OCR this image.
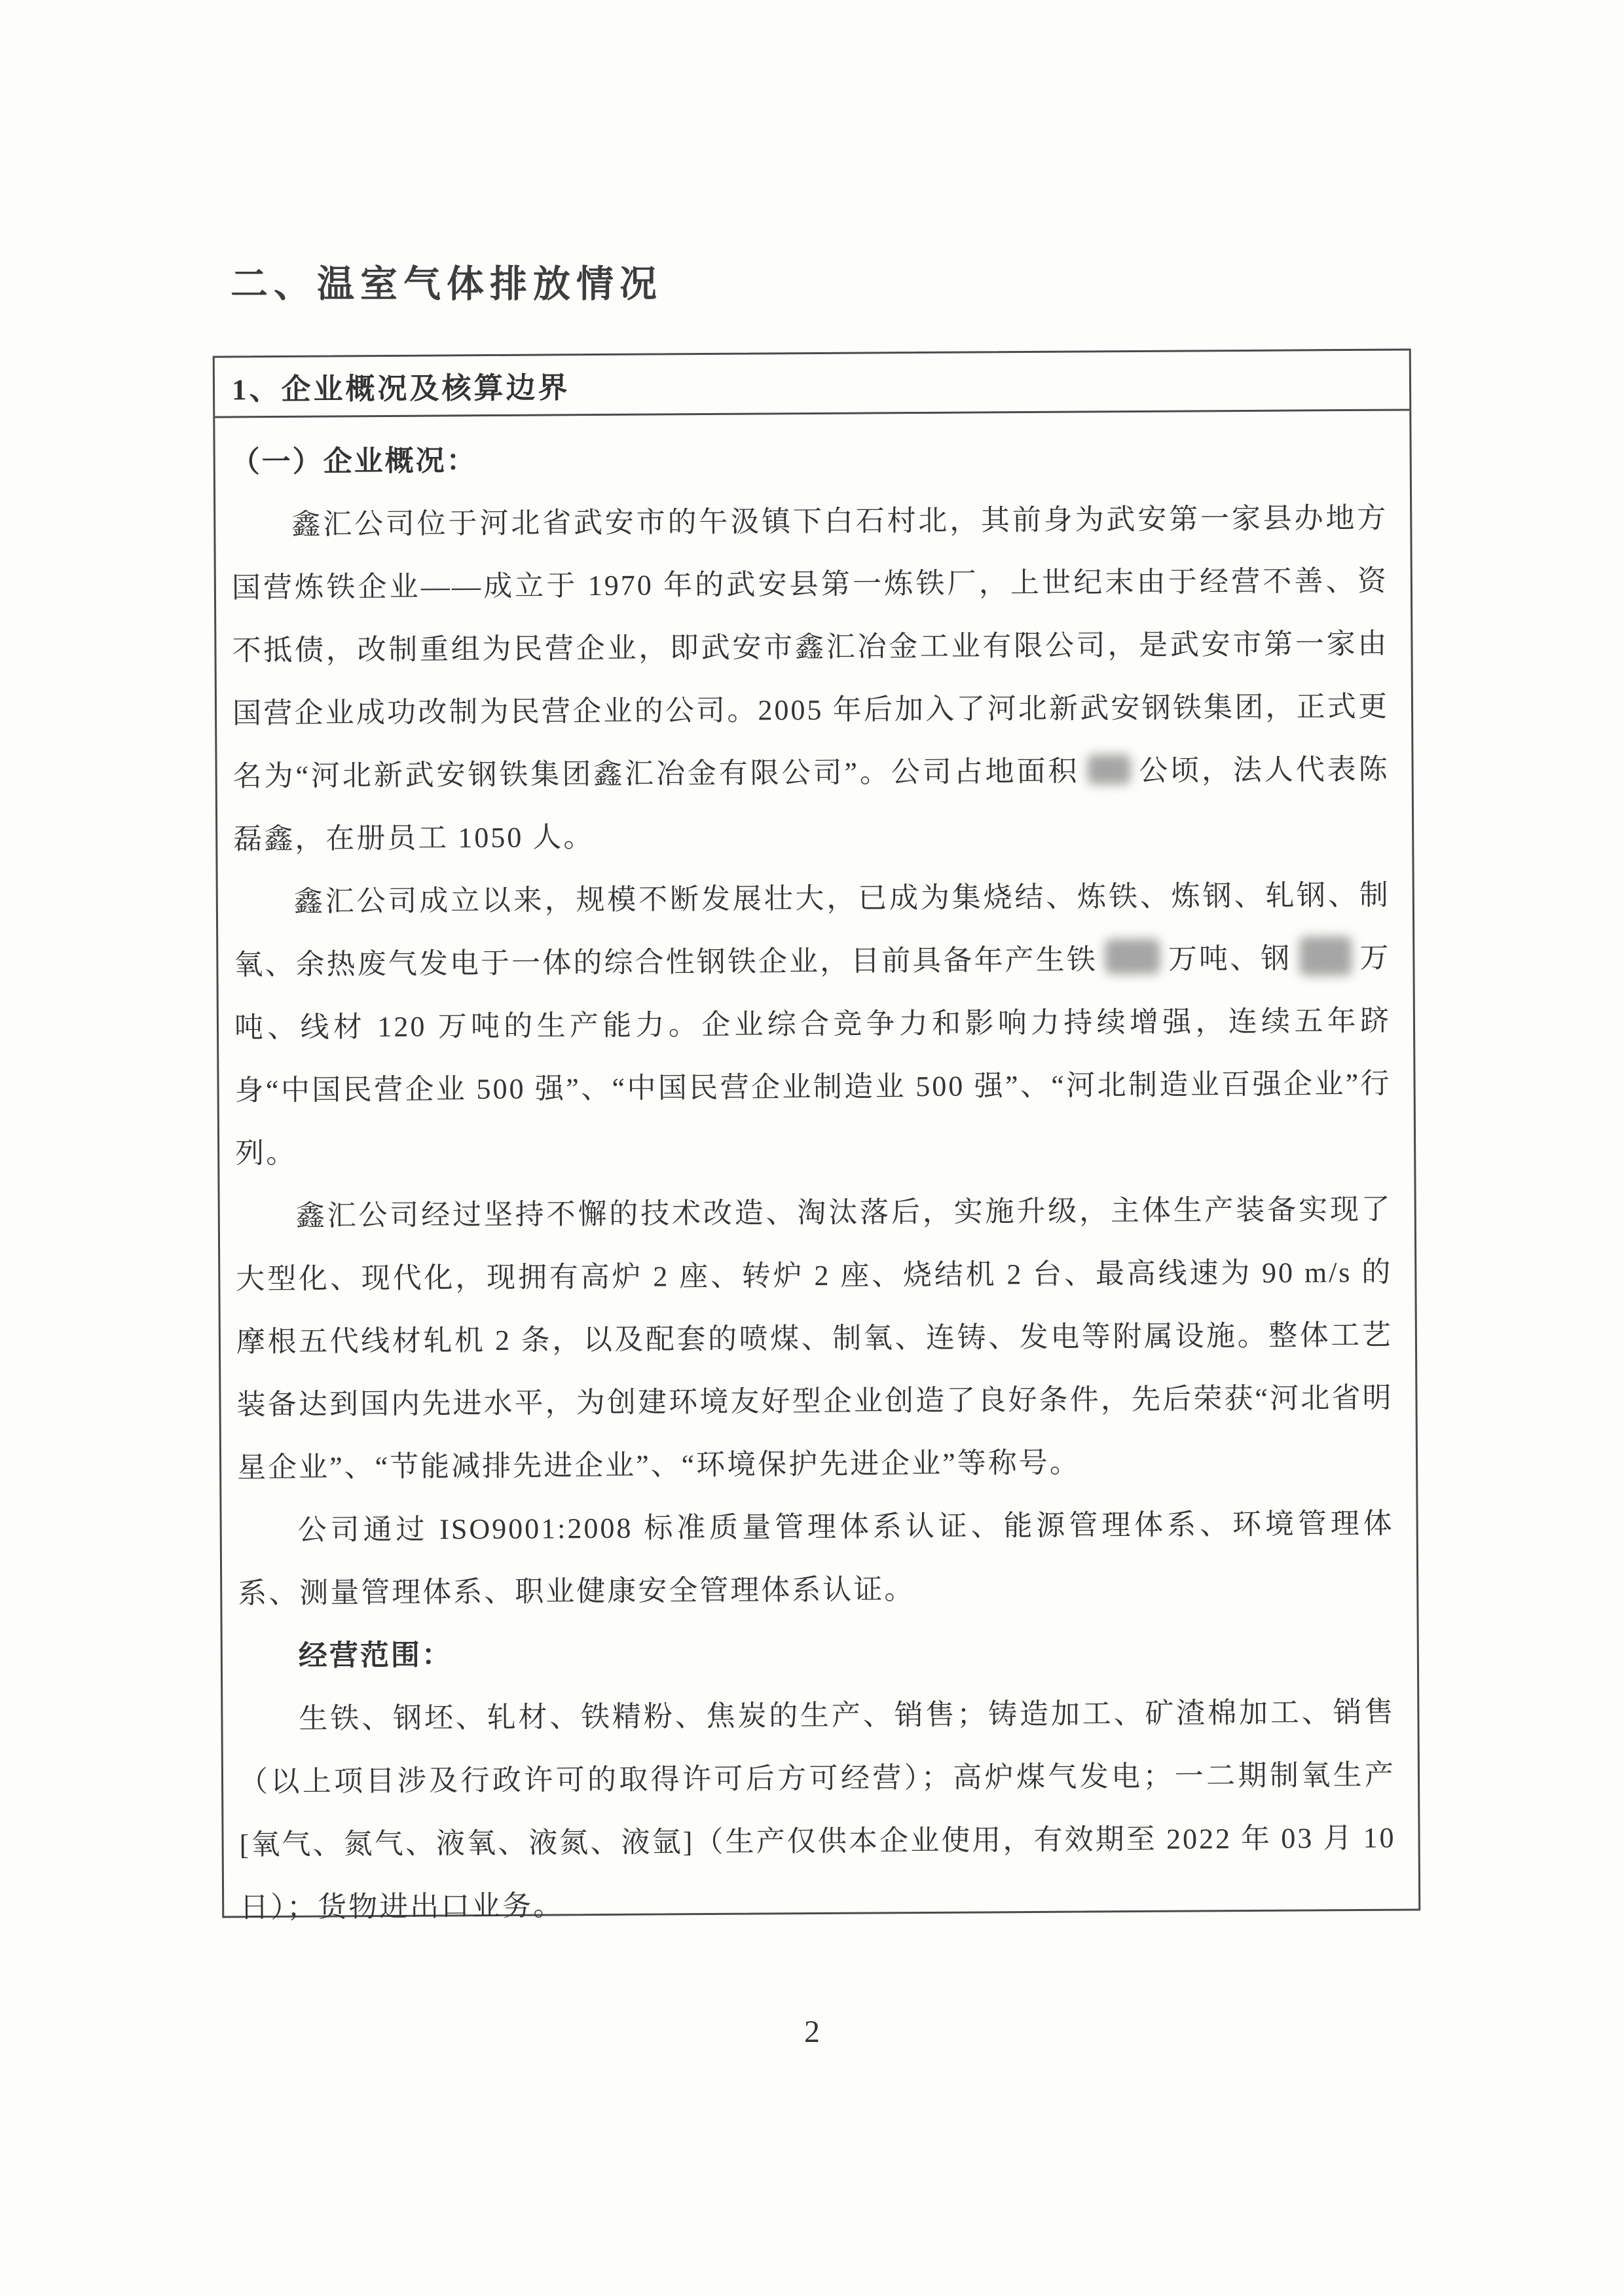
二、温室气体排放情况
1、企业概况及核算边界

（一）企业概况：

鑫汇公司位于河北省武安市的午汲镇下白石村北，其前身为武安第一家县办地方国营炼铁企业——成立于 1970 年的武安县第一炼铁厂，上世纪末由于经营不善、资不抵债，改制重组为民营企业，即武安市鑫汇冶金工业有限公司，是武安市第一家由国营企业成功改制为民营企业的公司。2005 年后加入了河北新武安钢铁集团，正式更名为“河北新武安钢铁集团鑫汇冶金有限公司”。公司占地面积 公顷，法人代表陈磊鑫，在册员工 1050 人。

鑫汇公司成立以来，规模不断发展壮大，已成为集烧结、炼铁、炼钢、轧钢、制氧、余热废气发电于一体的综合性钢铁企业，目前具备年产生铁 万吨、钢 万吨、线材 120 万吨的生产能力。企业综合竞争力和影响力持续增强，连续五年跻身“中国民营企业 500 强”、“中国民营企业制造业 500 强”、“河北制造业百强企业”行列。

鑫汇公司经过坚持不懈的技术改造、淘汰落后，实施升级，主体生产装备实现了大型化、现代化，现拥有高炉 2 座、转炉 2 座、烧结机 2 台、最高线速为 90 m/s 的摩根五代线材轧机 2 条，以及配套的喷煤、制氧、连铸、发电等附属设施。整体工艺装备达到国内先进水平，为创建环境友好型企业创造了良好条件，先后荣获“河北省明星企业”、“节能减排先进企业”、“环境保护先进企业”等称号。

公司通过 ISO9001:2008 标准质量管理体系认证、能源管理体系、环境管理体系、测量管理体系、职业健康安全管理体系认证。

经营范围：

生铁、钢坯、轧材、铁精粉、焦炭的生产、销售；铸造加工、矿渣棉加工、销售（以上项目涉及行政许可的取得许可后方可经营）；高炉煤气发电；一二期制氧生产[氧气、氮气、液氧、液氮、液氩]（生产仅供本企业使用，有效期至 2022 年 03 月 10 日）；货物进出口业务。

2
